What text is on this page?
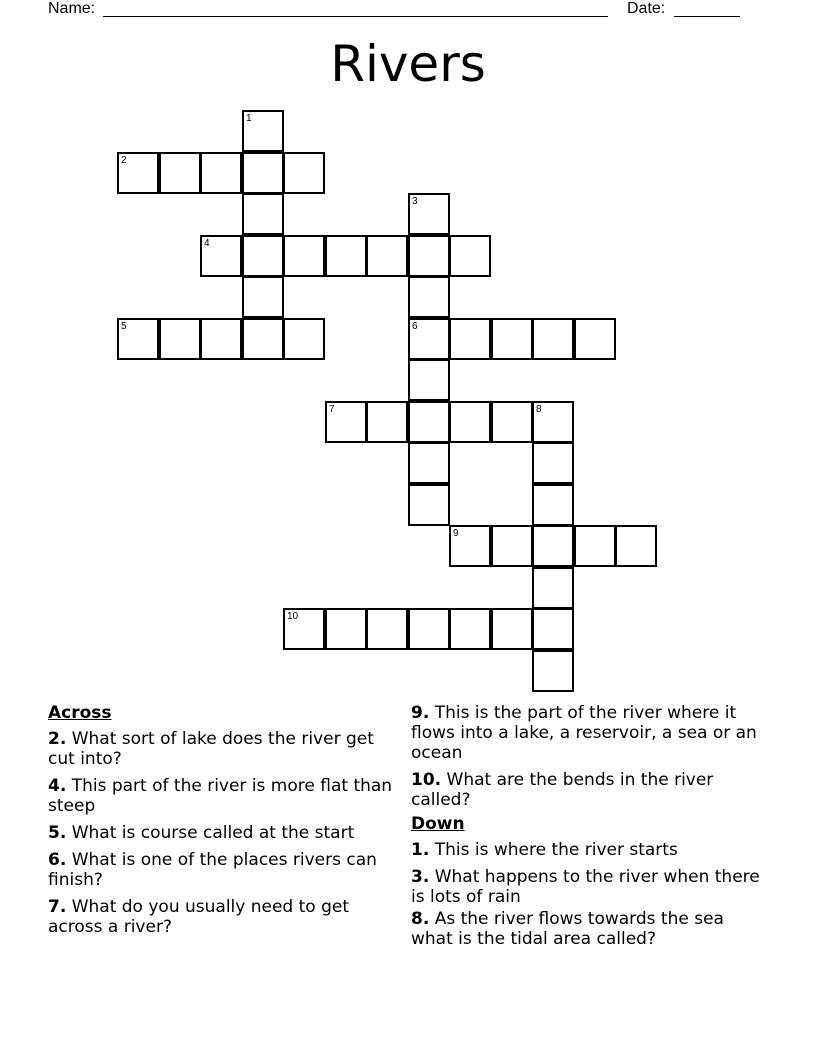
Name:	Date:
Rivers
1
2
3
6
4
5
7	8
9
10
Across
2. What sort of lake does the river get cut into?
4. This part of the river is more flat than steep
5. What is course called at the start
6. What is one of the places rivers can finish?
7. What do you usually need to get across a river?
9. This is the part of the river where it flows into a lake, a reservoir, a sea or an ocean
10. What are the bends in the river called?
Down
1. This is where the river starts
3. What happens to the river when there is lots of rain
8. As the river flows towards the sea what is the tidal area called?
